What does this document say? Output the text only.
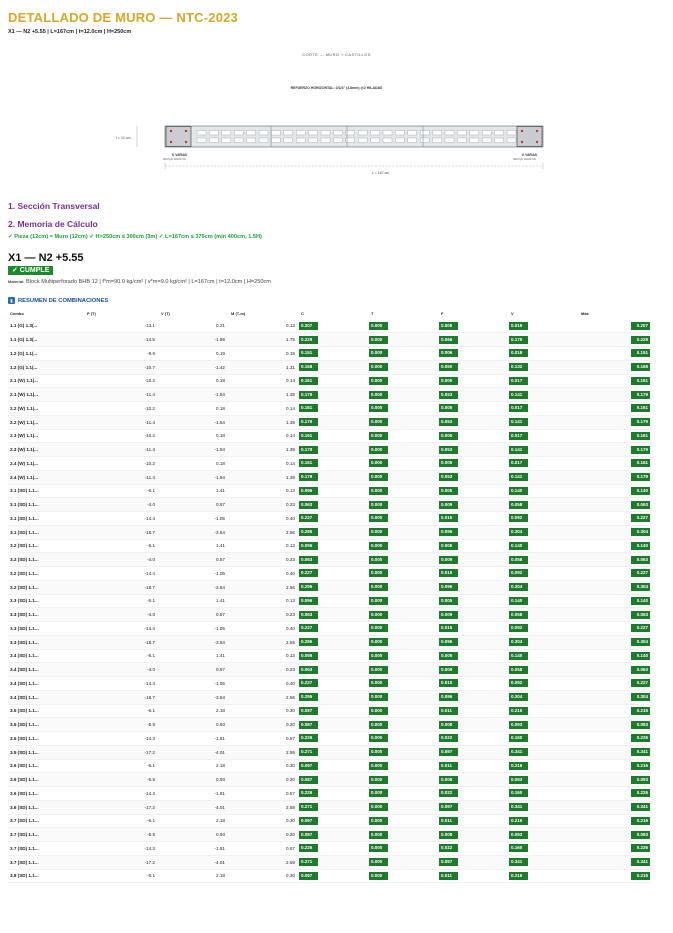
DETALLADO DE MURO — NTC-2023
X1 — N2 +5.55 | L=167cm | t=12.0cm | H=250cm
CORTE — MURO + CASTILLOS
REFUERZO HORIZONTAL: 2/1/4" (4.8mm) @2 HILADAS
t = 12 cm
K VARIAS
4#3 Fyk 20x20 CK
K VARIAS
4#3 Fyk 20x20 CK
L = 167 cm
1. Sección Transversal
2. Memoria de Cálculo
✓ Pieza (12cm) = Muro (12cm) ✓ H=250cm ≤ 300cm (3m) ✓ L=167cm ≤ 375cm (min 400cm, 1.5H)
X1 — N2 +5.55
✓ CUMPLE
Material: Block Multiperforado BHB 12 | f*m=90.0 kg/cm² | v*m=9.0 kg/cm² | L=167cm | t=12.0cm | H=250cm
▮ RESUMEN DE COMBINACIONES
Combo	P (T)	V (T)	M (T-m)	C	T	F	V	Máx
1.1 (G) 1.3(...	-13.1	0.21	0.13	0.207	0.000	0.005	0.019	0.207
1.1 (G) 1.3(...	-14.5	-1.98	1.75	0.229	0.000	0.066	0.175	0.229
1.2 (G) 1.1(...	-9.6	0.19	0.15	0.151	0.000	0.006	0.018	0.151
1.2 (G) 1.1(...	-10.7	-1.42	1.31	0.168	0.000	0.050	0.132	0.168
2.1 (W) 1.1(...	-10.2	0.18	0.14	0.161	0.000	0.005	0.017	0.161
2.1 (W) 1.1(...	-11.4	-1.54	1.39	0.179	0.000	0.053	0.141	0.179
2.2 (W) 1.1(...	-10.2	0.18	0.14	0.161	0.000	0.005	0.017	0.161
2.2 (W) 1.1(...	-11.4	-1.54	1.39	0.179	0.000	0.053	0.141	0.179
2.3 (W) 1.1(...	-10.2	0.18	0.14	0.161	0.000	0.005	0.017	0.161
2.3 (W) 1.1(...	-11.4	-1.54	1.39	0.179	0.000	0.053	0.141	0.179
2.4 (W) 1.1(...	-10.2	0.18	0.14	0.161	0.000	0.005	0.017	0.161
2.4 (W) 1.1(...	-11.4	-1.54	1.39	0.179	0.000	0.053	0.141	0.179
3.1 (SD) 1.1...	-6.1	1.41	0.13	0.096	0.000	0.005	0.140	0.140
3.1 (SD) 1.1...	-4.0	0.57	0.23	0.063	0.000	0.009	0.058	0.063
3.1 (SD) 1.1...	-14.4	-1.05	0.40	0.227	0.000	0.015	0.092	0.227
3.1 (SD) 1.1...	-18.7	-3.64	2.56	0.295	0.000	0.096	0.304	0.304
3.2 (SD) 1.1...	-6.1	1.41	0.13	0.096	0.000	0.005	0.140	0.140
3.2 (SD) 1.1...	-4.0	0.57	0.23	0.063	0.000	0.009	0.058	0.063
3.2 (SD) 1.1...	-14.4	-1.05	0.40	0.227	0.000	0.015	0.092	0.227
3.2 (SD) 1.1...	-18.7	-3.64	2.56	0.295	0.000	0.096	0.304	0.304
3.3 (SD) 1.1...	-6.1	1.41	0.13	0.096	0.000	0.005	0.140	0.140
3.3 (SD) 1.1...	-4.0	0.57	0.23	0.063	0.000	0.009	0.058	0.063
3.3 (SD) 1.1...	-14.4	-1.05	0.40	0.227	0.000	0.015	0.092	0.227
3.3 (SD) 1.1...	-18.7	-3.64	2.56	0.295	0.000	0.096	0.304	0.304
3.4 (SD) 1.1...	-6.1	1.41	0.13	0.096	0.000	0.005	0.140	0.140
3.4 (SD) 1.1...	-4.0	0.57	0.23	0.063	0.000	0.009	0.058	0.063
3.4 (SD) 1.1...	-14.4	-1.05	0.40	0.227	0.000	0.015	0.092	0.227
3.4 (SD) 1.1...	-18.7	-3.64	2.56	0.295	0.000	0.096	0.304	0.304
3.5 (SD) 1.1...	-6.1	2.18	0.30	0.097	0.000	0.011	0.216	0.216
3.5 (SD) 1.1...	-5.5	0.93	0.20	0.087	0.000	0.008	0.093	0.093
3.5 (SD) 1.1...	-14.3	-1.81	0.57	0.226	0.000	0.022	0.160	0.226
3.5 (SD) 1.1...	-17.2	-4.01	2.59	0.271	0.000	0.097	0.341	0.341
3.6 (SD) 1.1...	-6.1	2.18	0.30	0.097	0.000	0.011	0.216	0.216
3.6 (SD) 1.1...	-5.5	0.93	0.20	0.087	0.000	0.008	0.093	0.093
3.6 (SD) 1.1...	-14.3	-1.81	0.57	0.226	0.000	0.022	0.160	0.226
3.6 (SD) 1.1...	-17.2	-4.01	2.59	0.271	0.000	0.097	0.341	0.341
3.7 (SD) 1.1...	-6.1	2.18	0.30	0.097	0.000	0.011	0.216	0.216
3.7 (SD) 1.1...	-5.5	0.93	0.20	0.087	0.000	0.008	0.093	0.093
3.7 (SD) 1.1...	-14.3	-1.81	0.57	0.226	0.000	0.022	0.160	0.226
3.7 (SD) 1.1...	-17.2	-4.01	2.59	0.271	0.000	0.097	0.341	0.341
3.8 (SD) 1.1...	-6.1	2.18	0.30	0.097	0.000	0.011	0.216	0.216
